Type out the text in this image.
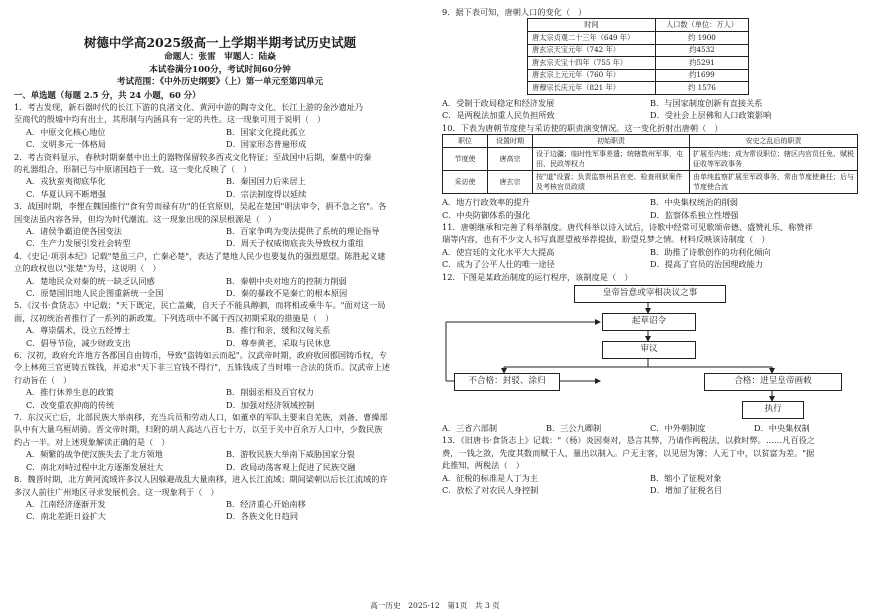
树德中学高2025级高一上学期半期考试历史试题
命题人：张雷　审题人：陆焱
本试卷满分100分，考试时间60分钟
考试范围：《中外历史纲要》（上）第一单元至第四单元
一、单选题（每题 2.5 分，共 24 小题，60 分）
1．考古发现，新石器时代的长江下游的良渚文化、黄河中游的陶寺文化、长江上游的金沙遗址乃
至商代的殷墟中均有出土，其形制与内涵具有一定的共性。这一现象可用于说明（　）
A．中原文化核心地位	B．国家文化提此孤立
C．文明多元一体格局	D．国家形态普遍形成
2．考古资料显示，春秋时期秦墓中出土的器物保留较多西戎文化特征；至战国中后期，秦墓中的秦
的礼器组合、形制已与中原诸国趋于一致。这一变化反映了（　）
A．戎狄蛮夷彻底华化	B．秦国国力后来居上
C．华夏认同不断增强	D．宗法制度得以延续
3．战国时期，李悝在魏国推行"食有劳而禄有功"的任官原则，吴起在楚国"明法审令，捐不急之官"。各
国变法虽内容各异，但均为时代潮流。这一现象出现的深层根源是（　）
A．诸侯争霸迫使各国变法	B．百家争鸣为变法提供了系统的理论指导
C．生产力发展引发社会转型	D．周天子权威彻底丧失导致权力重组
4．《史记·项羽本纪》记载"楚虽三户，亡秦必楚"，表达了楚地人民少也要复仇的强烈愿望。陈胜起义建
立的政权也以"张楚"为号，这说明（　）
A．楚地民众对秦的统一缺乏认同感	B．秦朝中央对地方的控制力削弱
C．原楚国旧地人民企图重新统一全国	D．秦的暴政不是秦亡的根本原因
5．《汉书·食货志》中记载："天下既定，民亡盖藏，自天子不能具醇驷，而将相或乘牛车。"面对这一局
面，汉初统治者推行了一系列的新政策。下列选项中不属于西汉初期采取的措施是（　）
A．尊崇儒术，设立五经博士	B．推行和亲，缓和汉匈关系
C．倡导节俭，减少财政支出	D．尊奉黄老，采取与民休息
6．汉初，政府允许地方各郡国自由铸币，导致"盗铸如云而起"。汉武帝时期，政府收回郡国铸币权，专
令上林苑三官更铸五铢钱，并追求"天下非三官钱不得行"，五铢钱成了当时唯一合法的货币。汉武帝上述
行动旨在（　）
A．推行休养生息的政策	B．削弱丞相及百官权力
C．改变重农抑商的传统	D．加强对经济领域控制
7．东汉灭亡后，北部民族大举南移，充当兵员和劳动人口，如董卓的军队主要来自羌族，刘备、曹操部
队中有大量乌桓胡骑。晋文帝时期，归附的胡人高达八百七十万，以至于关中百余万人口中，少数民族
约占一半。对上述现象解读正确的是（　）
A．频繁的战争使汉族失去了北方领地	B．游牧民族大举南下威胁国家分裂
C．南北对峙过程中北方逐渐发展壮大	D．政局动荡客观上促进了民族交融
8．魏晋时期，北方黄河流域许多汉人因躲避战乱大量南移，进入长江流域；期间梁朝以后长江流域的许
多汉人前往广州地区寻求发展机会。这一现象利于（　）
A．江南经济逐渐开发	B．经济重心开始南移
C．南北差距日益扩大	D．各族文化日趋同
9．据下表可知，唐朝人口的变化（　）
时间	人口数（单位：万人）
唐太宗贞观二十三年（649 年）	约 1900
唐玄宗天宝元年（742 年）	约4532
唐玄宗天宝十四年（755 年）	约5291
唐玄宗上元元年（760 年）	约1699
唐穆宗长庆元年（821 年）	约 1576
A．受制于政局稳定和经济发展	B．与国家制度创新有直接关系
C．是两税法加重人民负担所致	D．受社会上层佛和人口政策影响
10．下表为唐朝节度使与采访使的职责演变情况。这一变化折射出唐朝（　）
职位	设置时期	初始职责	安史之乱后的职责
节度使	唐高宗	设于边疆；临时性军事差遣；统辖数州军事，屯田、民政等权力	扩展至内地；成为常设职位；辖区内官员任免、赋税征收等军政事务
采访使	唐玄宗	按"道"设置；负责监察州县官吏、检查刑狱案件及考核官员政绩	由单纯监察扩展至军政事务，常由节度使兼任；后与节度使合流
A．地方行政效率的提升	B．中央集权统治的削弱
C．中央防御体系的强化	D．监察体系独立性增强
11．唐朝继承和完善了科举制度。唐代科举以诗入试后，诗歌中经常可见歌颂帝德、盛赞礼乐、称赞祥
瑞等内容，也有不少文人书写真愿望被举荐提拔，盼望兑梦之情。材料反映该诗制度（　）
A．使宫廷的文化水平大大提高	B．助推了诗歌创作的功利化倾向
C．成为了公平人仕的唯一途径	D．提高了官员的治国理政能力
12．下图是某政治制度的运行程序，该制度是（　）
皇帝旨意或宰相决议之事
起草诏令
审议
不合格：封驳、涂归	合格：进呈皇帝画敕
执行
A．三省六部制	B．三公九卿制	C．中外朝制度	D．中央集权制
13．《旧唐书·食货志上》记载："（杨）炎因奏对，恳言其弊，乃请作两税法，以救时弊。……凡百役之
费，一钱之敛，先度其数而赋于人，量出以制入。户无主客，以见居为簿；人无丁中，以贫富为差。"据
此推知，两税法（　）
A．征税的标准是人丁为主	B．缩小了征税对象
C．放松了对农民人身控制	D．增加了征税名目
高一历史　2025-12　第1页　共 3 页
